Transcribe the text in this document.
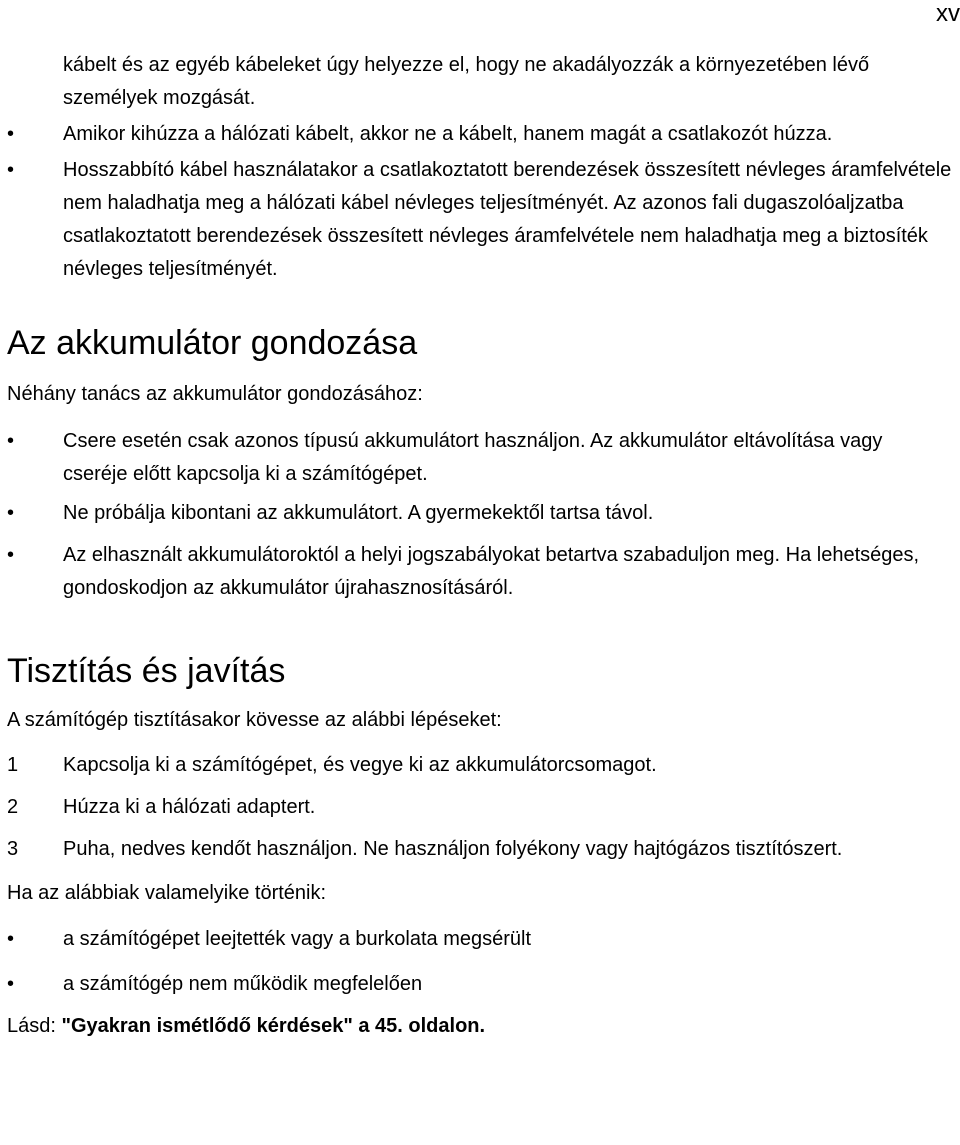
xv

kábelt és az egyéb kábeleket úgy helyezze el, hogy ne akadályozzák a környezetében lévő személyek mozgását.

•	Amikor kihúzza a hálózati kábelt, akkor ne a kábelt, hanem magát a csatlakozót húzza.
•	Hosszabbító kábel használatakor a csatlakoztatott berendezések összesített névleges áramfelvétele nem haladhatja meg a hálózati kábel névleges teljesítményét. Az azonos fali dugaszolóaljzatba csatlakoztatott berendezések összesített névleges áramfelvétele nem haladhatja meg a biztosíték névleges teljesítményét.
Az akkumulátor gondozása

Néhány tanács az akkumulátor gondozásához:

•	Csere esetén csak azonos típusú akkumulátort használjon. Az akkumulátor eltávolítása vagy cseréje előtt kapcsolja ki a számítógépet.
•	Ne próbálja kibontani az akkumulátort. A gyermekektől tartsa távol.
•	Az elhasznált akkumulátoroktól a helyi jogszabályokat betartva szabaduljon meg. Ha lehetséges, gondoskodjon az akkumulátor újrahasznosításáról.
Tisztítás és javítás

A számítógép tisztításakor kövesse az alábbi lépéseket:

1 Kapcsolja ki a számítógépet, és vegye ki az akkumulátorcsomagot.
2 Húzza ki a hálózati adaptert.
3 Puha, nedves kendőt használjon. Ne használjon folyékony vagy hajtógázos tisztítószert.

Ha az alábbiak valamelyike történik:

•	a számítógépet leejtették vagy a burkolata megsérült
•	a számítógép nem működik megfelelően

Lásd: "Gyakran ismétlődő kérdések" a 45. oldalon.
